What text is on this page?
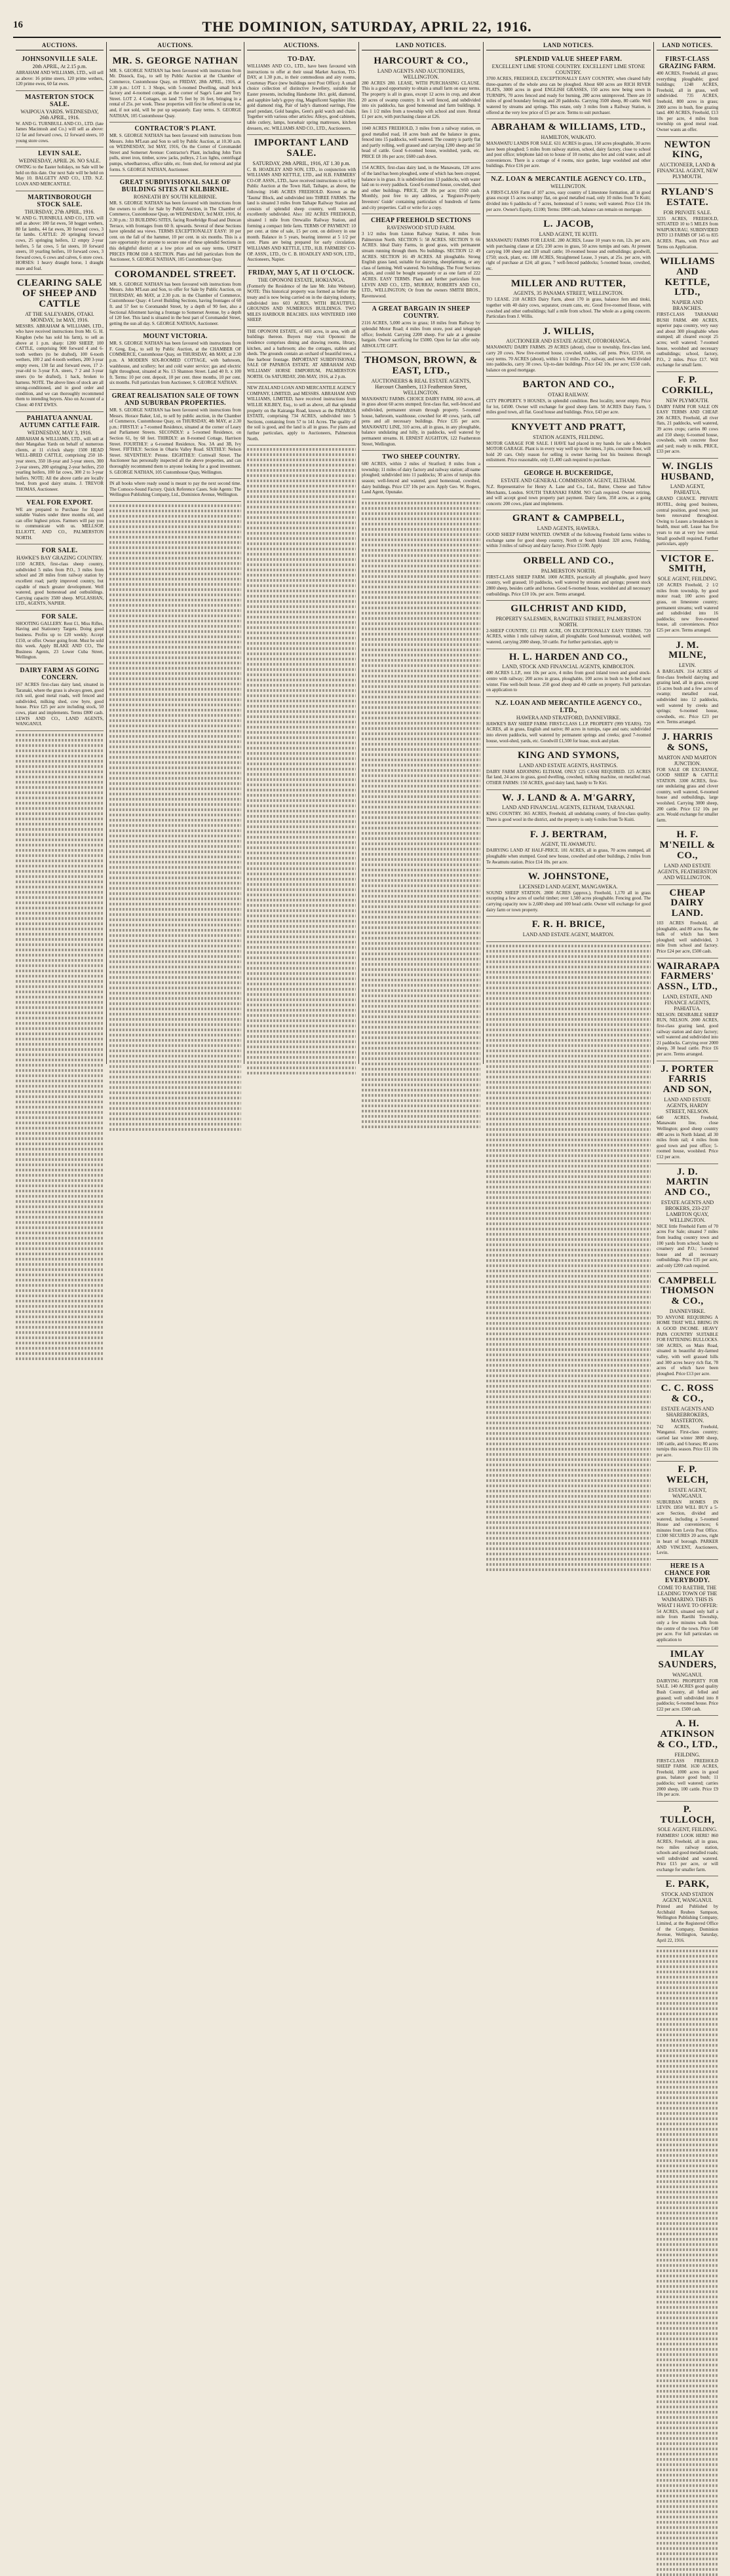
16	THE DOMINION, SATURDAY, APRIL 22, 1916.
AUCTIONS.
JOHNSONVILLE SALE.
20th APRIL, At 2.15 p.m.

ABRAHAM AND WILLIAMS, LTD., will sell as above: 16 prime steers, 120 prime wethers, 120 prime ewes, 60 fat ewes.

MASTERTON STOCK SALE.
WAIPOUA YARDS. WEDNESDAY, 26th APRIL, 1916.

W. AND G. TURNBULL AND CO., LTD. (late James Macintosh and Co.) will sell as above: 12 fat and forward cows, 12 forward steers, 10 young store cows.

LEVIN SALE.
WEDNESDAY, APRIL 26. NO SALE.

OWING to the Easter holidays, no Sale will be held on this date. Our next Sale will be held on May 10. BALGETY AND CO., LTD. N.Z. LOAN AND MERCANTILE.

MARTINBOROUGH STOCK SALE.
THURSDAY, 27th APRIL, 1916.

W. AND G. TURNBULL AND CO., LTD. will sell as above: 100 fat ewes, 50 hogget wethers, 80 fat lambs, 44 fat ewes, 30 forward cows, 3 fat lambs. CATTLE: 20 springing forward cows, 25 springing heifers, 12 empty 2-year heifers, 5 fat cows, 5 fat steers, 10 forward steers, 10 yearling heifers, 10 forward cows, 3 forward cows, 6 cows and calves, 6 store cows. HORSES: 1 heavy draught horse, 1 draught mare and foal.

CLEARING SALE OF SHEEP AND CATTLE
AT THE SALEYARDS, OTAKI. MONDAY, 1st MAY, 1916.

MESSRS. ABRAHAM & WILLIAMS, LTD., who have received instructions from Mr. G. H. Kingdon (who has sold his farm), to sell as above at 1 p.m. sharp: 1200 SHEEP, 100 CATTLE, comprising 900 forward 4 and 6-tooth wethers (to be drafted), 100 6-tooth wethers, 100 2 and 4-tooth wethers, 200 3-year empty ewes, 130 fat and forward ewes, 17 2-year-old to 3-year F.A. steers, 7 2 and 3-year steers (to be drafted), 1 hack, broken to harness. NOTE. The above lines of stock are all strong-conditioned, and in good order and condition, and we can thoroughly recommend them to intending buyers. Also on Account of a Client: 40 FAT EWES.

PAHIATUA ANNUAL AUTUMN CATTLE FAIR.
WEDNESDAY, MAY 3, 1916.

ABRAHAM & WILLIAMS, LTD., will sell at their Mangahao Yards on behalf of numerous clients, at 11 o'clock sharp: 1500 HEAD WELL-BRED CATTLE, comprising 250 18-year steers, 350 18-year and 3-year steers, 300 2-year steers, 200 springing 2-year heifers, 250 yearling heifers, 100 fat cows, 300 2 to 3-year heifers. NOTE: All the above cattle are locally bred, from good dairy strains. J. TREVOR THOMAS, Auctioneer.

VEAL FOR EXPORT.

WE are prepared to Purchase for Export suitable Vealers under three months old, and can offer highest prices. Farmers will pay you to communicate with us. MELLSOP, ELLIOTT, AND CO., PALMERSTON NORTH.

FOR SALE.
HAWKE'S BAY GRAZING COUNTRY.

1150 ACRES, first-class sheep country, subdivided 5 miles from P.O., 3 miles from school and 28 miles from railway station by excellent road; partly improved country, but capable of much greater development. Well watered, good homestead and outbuildings. Carrying capacity 3500 sheep. M'GLASHAN, LTD., AGENTS, NAPIER.

FOR SALE.

SHOOTING GALLERY. Rent £1, Miss Rifles, Having and Stationery Targets. Doing good business. Profits up to £20 weekly. Accept £150, or offer. Owner going front. Must be sold this week. Apply BLAKE AND CO., The Business Agents, 23 Lower Cuba Street, Wellington.

DAIRY FARM AS GOING CONCERN.

167 ACRES first-class dairy land, situated in Taranaki, where the grass is always green, good rich soil, good metal roads, well fenced and subdivided, milking shed, cow byre, good house. Price £25 per acre including stock, 50 cows, plant and implements. Terms £800 cash. LEWIS AND CO., LAND AGENTS, WANGANUI.

AUCTIONS.
MR. S. GEORGE NATHAN

MR. S. GEORGE NATHAN has been favoured with instructions from Mr. Dissock, Esq., to sell by Public Auction at the Chamber of Commerce, Customhouse Quay, on FRIDAY, 28th APRIL, 1916, at 2.30 p.m.: LOT 1. 3 Shops, with 5-roomed Dwelling, small brick factory and 4-roomed cottage, at the corner of Sage's Lane and Tory Street. LOT 2. 4 Cottages, on land 75 feet by 16 feet, bringing in a rental of 25s. per week. These properties will first be offered in one lot, and, if not sold, will be put up separately. Easy terms. S. GEORGE NATHAN, 105 Customhouse Quay.

CONTRACTOR'S PLANT.

MR. S. GEORGE NATHAN has been favoured with instructions from Messrs. John M'Lean and Son to sell by Public Auction, at 10.30 a.m. on WEDNESDAY, 3rd MAY, 1916, On the Corner of Coromandel Street and Somerset Avenue: Contractor's Plant, including John Turn pulls, street iron, timber, screw jacks, pulleys, 2 Lux lights, centrifugal pumps, wheelbarrows, office table, etc. from shed, for removal and plat forms. S. GEORGE NATHAN, Auctioneer.

GREAT SUBDIVISIONAL SALE OF BUILDING SITES AT KILBIRNIE.
ROSNEATH BY SOUTH KILBIRNIE.

MR. S. GEORGE NATHAN has been favoured with instructions from the owners to offer for Sale by Public Auction, in The Chamber of Commerce, Customhouse Quay, on WEDNESDAY, 3rd MAY, 1916, At 2.30 p.m.: 33 BUILDING SITES, facing Rosebridge Road and Duncan Terrace, with frontages from 60 ft. upwards. Several of these Sections have splendid sea views. TERMS EXCEPTIONALLY EASY: 10 per cent. on the fall of the hammer, 10 per cent. in six months. This is a rare opportunity for anyone to secure one of these splendid Sections in this delightful district at a low price and on easy terms. UPSET PRICES FROM £60 A SECTION. Plans and full particulars from the Auctioneer, S. GEORGE NATHAN, 105 Customhouse Quay.

COROMANDEL STREET.

MR. S. GEORGE NATHAN has been favoured with instructions from Messrs. John M'Lean and Son, to offer for Sale by Public Auction, on THURSDAY, 4th MAY, at 2.30 p.m. in the Chamber of Commerce, Customhouse Quay: 4 Level Building Sections, having frontages of 60 ft. and 57 feet to Coromandel Street, by a depth of 90 feet, also a Sectional Allotment having a frontage to Somerset Avenue, by a depth of 120 feet. This land is situated in the best part of Coromandel Street, getting the sun all day. S. GEORGE NATHAN, Auctioneer.

MOUNT VICTORIA.

MR. S. GEORGE NATHAN has been favoured with instructions from F. Greg, Esq., to sell by Public Auction, at the CHAMBER OF COMMERCE, Customhouse Quay, on THURSDAY, 4th MAY, at 2.30 p.m. A MODERN SIX-ROOMED COTTAGE, with bathroom, washhouse, and scullery; hot and cold water service; gas and electric light throughout, situated at No. 13 Shannon Street. Land 40 ft. x 100 ft. Terms: 10 per cent. deposit, 10 per cent. three months, 10 per cent. six months. Full particulars from Auctioneer, S. GEORGE NATHAN.

GREAT REALISATION SALE OF TOWN AND SUBURBAN PROPERTIES.

MR. S. GEORGE NATHAN has been favoured with instructions from Messrs. Horace Baker, Ltd., to sell by public auction, in the Chamber of Commerce, Customhouse Quay, on THURSDAY, 4th MAY, at 2.30 p.m.: FIRSTLY: a 7-roomed Residence, situated at the corner of Leary and Parliament Streets. SECONDLY: a 5-roomed Residence, on Section 61, by 60 feet. THIRDLY: an 8-roomed Cottage, Harrison Street. FOURTHLY: a 6-roomed Residence, Nos. 3A and 3B, Ivy Street. FIFTHLY: Section in Ohariu Valley Road. SIXTHLY: Nelson Street. SEVENTHLY: Petone. EIGHTHLY: Cornwall Street. The Auctioneer has personally inspected all the above properties, and can thoroughly recommend them to anyone looking for a good investment. S. GEORGE NATHAN, 105 Customhouse Quay, Wellington.

IN all books where ready sound is meant to pay the next second time. The Comoco-Sound Factory. Quick Reference Cases. Sole Agents: The Wellington Publishing Company, Ltd., Dominion Avenue, Wellington.

AUCTIONS.
TO-DAY.

WILLIAMS AND CO., LTD., have been favoured with instructions to offer at their usual Market Auction, TO-DAY, at 1.30 p.m., in their commodious and airy rooms, Courtenay Place (new buildings next Post Office): A small choice collection of distinctive Jewellery, suitable for Easter presents, including Handsome 18ct. gold, diamond, and sapphire lady's gypsy ring, Magnificent Sapphire 18ct. gold diamond ring, Pair of lady's diamond earrings, Fine pearl pendant, Gold bangles, Gent's gold watch and chain. Together with various other articles: Alloys, good cabinets, table cutlery, lamps, horsehair spring mattresses, kitchen dressers, etc. WILLIAMS AND CO., LTD., Auctioneers.

IMPORTANT LAND SALE.
SATURDAY, 29th APRIL, 1916, AT 1.30 p.m.

C. B. HOADLEY AND SON, LTD., in conjunction with WILLIAMS AND KETTLE, LTD., and H.B. FARMERS' CO-OP. ASSN., LTD., have received instructions to sell by Public Auction at the Town Hall, Taihape, as above, the following: 1646 ACRES FREEHOLD. Known as the 'Tauma' Block, and subdivided into THREE FARMS. The land is situated 3 miles from Taihape Railway Station and consists of splendid sheep country, well watered, excellently subdivided. Also: 182 ACRES FREEHOLD, situated 1 mile from Orewailio Railway Station, and forming a compact little farm. TERMS OF PAYMENT: 10 per cent. at time of sale, 15 per cent. on delivery in one month. Balance in 5 years, bearing interest at 5 1/2 per cent. Plans are being prepared for early circulation. WILLIAMS AND KETTLE, LTD., H.B. FARMERS' CO-OP. ASSN., LTD., Or C. B. HOADLEY AND SON, LTD., Auctioneers, Napier.

FRIDAY, MAY 5, AT 11 O'CLOCK.
THE OPONONI ESTATE, HOKIANGA.

(Formerly the Residence of the late Mr. John Webster). NOTE: This historical property was formed as before the treaty and is now being carried on in the dairying industry, subdivided into 603 ACRES, WITH BEAUTIFUL GROUNDS AND NUMEROUS BUILDINGS. TWO MILES HARBOUR BEACHES. HAS WINTERED 1000 SHEEP.

THE OPONONI ESTATE, of 603 acres, in area, with all buildings thereon. Buyers may visit Opononi: the residence comprises dining and drawing rooms, library, kitchen, and a bathroom; also the cottages, stables and sheds. The grounds contain an orchard of beautiful trees, a fine harbour frontage. IMPORTANT SUBDIVISIONAL SALE OF PAPAROA ESTATE. AT ABRAHAM AND WILLIAMS' HORSE EMPORIUM, PALMERSTON NORTH. On SATURDAY, 20th MAY, 1916, at 2 p.m.

NEW ZEALAND LOAN AND MERCANTILE AGENCY COMPANY, LIMITED, and MESSRS. ABRAHAM AND WILLIAMS, LIMITED, have received instructions from WILLIE KILBEY, Esq., to sell as above, all that splendid property on the Kairanga Road, known as the PAPAROA ESTATE, comprising 734 ACRES, subdivided into 5 Sections, containing from 57 to 141 Acres. The quality of the soil is good, and the land is all in grass. For plans and further particulars, apply to Auctioneers, Palmerston North.

LAND NOTICES.
HARCOURT & CO.,
LAND AGENTS AND AUCTIONEERS, WELLINGTON.

280 ACRES 280. LEASE, WITH PURCHASING CLAUSE. This is a good opportunity to obtain a small farm on easy terms. The property is all in grass, except 12 acres in crop, and about 20 acres of swamp country. It is well fenced, and subdivided into six paddocks, has good homestead and farm buildings. It lies 1 1/2 miles from a township with school and store. Rental £1 per acre, with purchasing clause at £26.

1040 ACRES FREEHOLD, 3 miles from a railway station, on good metalled road, 18 acres bush and the balance in grass, fenced into 15 paddocks, well watered. The country is partly flat and partly rolling, well grassed and carrying 1200 sheep and 50 head of cattle. Good 6-roomed house, woolshed, yards, etc. PRICE £8 10s per acre; £600 cash down.

154 ACRES, first-class dairy land, in the Manawatu, 120 acres of the land has been ploughed, some of which has been cropped, balance is in grass. It is subdivided into 13 paddocks, with water laid on to every paddock. Good 6-roomed house, cowshed, shed and other buildings. PRICE, £28 10s per acre; £950 cash. Monthly, post free to any address, a 'Register-Property Investors' Guide' containing particulars of hundreds of farms and city properties. Call or write for a copy.

CHEAP FREEHOLD SECTIONS
RAVENSWOOD STUD FARM.

3 1/2 miles from Linton Railway Station, 8 miles from Palmerston North. SECTION 5: 58 ACRES. SECTION 9: 66 ACRES. Ideal Dairy Farms, in good grass, with permanent stream running through them. No buildings. SECTION 12: 49 ACRES. SECTION 16: 49 ACRES. All ploughable. Strong English grass land, suitable for dairying, sheepfarming, or any class of farming. Well watered. No buildings. The Four Sections adjoin, and could be bought separately or as one farm of 222 ACRES. EASY TERMS. Plans and further particulars from LEVIN AND CO., LTD., MURRAY, ROBERTS AND CO., LTD., WELLINGTON; Or from the owners SMITH BROS., Ravenswood.

A GREAT BARGAIN IN SHEEP COUNTRY.

2116 ACRES, 5,000 acres in grass; 18 miles from Railway by splendid Motor Road; 4 miles from store, post and telegraph office; freehold. Carrying 2200 sheep. For sale at a genuine bargain. Owner sacrificing for £5000. Open for fair offer only. ABSOLUTE GIFT.

THOMSON, BROWN, & EAST, LTD.,
AUCTIONEERS & REAL ESTATE AGENTS, Harcourt Chambers, 113 Featherston Street, WELLINGTON.

MANAWATU FARMS. CHOICE DAIRY FARM, 160 acres, all in grass about 60 acres stumped; first-class flat, well-fenced and subdivided, permanent stream through property. 5-roomed house, bathroom, washhouse, cowshed for 40 cows, yards, calf pens and all necessary buildings. Price £35 per acre. MANAWATU LINE, 310 acres, all in grass, in any ploughable, balance undulating and hilly, in paddocks, well watered by permanent streams. H. ERNEST AUGHTON, 122 Featherston Street, Wellington.

TWO SHEEP COUNTRY.

680 ACRES, within 2 miles of Stratford; 8 miles from a township; 11 miles of dairy factory and railway station; all name ploughed; subdivided into 11 paddocks; 30 acres of turnips this season; well-fenced and watered, good homestead, cowshed, dairy buildings. Price £37 10s per acre. Apply Geo. W. Rogers, Land Agent, Opunake.

LAND NOTICES.
SPLENDID VALUE SHEEP FARM.
EXCELLENT LIME STONE COUNTRY. EXCELLENT LIME STONE COUNTRY.

3700 ACRES, FREEHOLD, EXCEPTIONALLY EASY COUNTRY, when cleared fully three-quarters of the whole area can be ploughed. About 600 acres are RICH RIVER FLATS, 3000 acres in good ENGLISH GRASSES, 150 acres now being sown in TURNIPS, 70 acres fenced and ready for burning, 280 acres unimproved. There are 10 miles of good boundary fencing and 20 paddocks. Carrying 3500 sheep, 80 cattle. Well watered by streams and springs. This estate, only 3 miles from a Railway Station, is offered at the very low price of £5 per acre. Terms to suit purchaser.

ABRAHAM & WILLIAMS, LTD.,
HAMILTON, WAIKATO.

MANAWATU LANDS FOR SALE. 631 ACRES in grass, 150 acres ploughable, 30 acres have been ploughed; 5 miles from railway station, school, dairy factory, close to school and post office; telephone laid on to house of 10 rooms; also hot and cold water, and all conveniences. There is a cottage of 4 rooms, nice garden, large woolshed and other buildings. Price £16 per acre.

N.Z. LOAN & MERCANTILE AGENCY CO. LTD.,
WELLINGTON.

A FIRST-CLASS Farm of 107 acres, easy country of Limestone formation, all in good grass except 15 acres swampy flat, on good metalled road, only 10 miles from Te Kuiti; divided into 6 paddocks of 7 acres, homestead of 5 rooms; well watered. Price £14 10s per acre. Owner's Equity, £1100; Terms: £800 cash, balance can remain on mortgage.

L. JACOB,
LAND AGENT, TE KUITI.

MANAWATU FARMS FOR LEASE. 280 ACRES, Lease 10 years to run, 12s. per acre, with purchasing clause at £25; 230 acres in grass, 50 acres turnips and oats. At present carrying 100 sheep and 120 small cattle; 10-roomed house and outbuildings; goodwill, £750; stock, plant, etc. 188 ACRES, Straightened Lease, 3 years, at 25s. per acre, with right of purchase at £24; all grass, 7 well-fenced paddocks; 5-roomed house, cowshed, etc.

MILLER AND RUTTER,
AGENTS, 35 PANAMA STREET, WELLINGTON.

TO LEASE. 218 ACRES Dairy Farm, about 170 in grass, balance fern and titoki, together with 40 dairy cows, separator, cream cans, etc. Good five-roomed House, with cowshed and other outbuildings; half a mile from school. The whole as a going concern. Particulars from J. Willis.

J. WILLIS,
AUCTIONEER AND ESTATE AGENT, OTOROHANGA.

MANAWATU DAIRY FARMS. 29 ACRES (about), close to township, first-class land, carry 20 cows. New five-roomed house, cowshed, stables, calf pens. Price, £2150, on easy terms. 70 ACRES (about), within 1 1/2 miles P.O., railway, and town. Well divided into paddocks, carry 30 cows. Up-to-date buildings. Price £42 10s. per acre; £550 cash, balance on good mortgage.

BARTON AND CO.,
OTAKI RAILWAY.

CITY PROPERTY. 9 HOUSES, in splendid condition. Best locality, never empty. Price for lot, £4500. Owner will exchange for good sheep farm. 50 ACRES Dairy Farm, 5 miles good town, all flat. Good house and buildings. Price, £43 per acre.

KNYVETT AND PRATT,
STATION AGENTS, FEILDING.

MOTOR GARAGE FOR SALE. I HAVE had placed in my hands for sale a Modern MOTOR GARAGE. Plant is in every way well up to the times, 3 pits, concrete floor, will hold 20 cars. Only reason for selling is owner having lost his business through enlistment. Price reasonable, only £1,400 cash required to purchase.

GEORGE H. BUCKERIDGE,
ESTATE AND GENERAL COMMISSION AGENT, ELTHAM.

N.Z. Representative for Henry A. Lane and Co., Ltd., Butter, Cheese and Tallow Merchants, London. SOUTH TARANAKI FARM. NO Cash required. Owner retiring, and will accept good town property part payment. Dairy farm, 350 acres, as a going concern: 200 cows, plant and implements.

GRANT & CAMPBELL,
LAND AGENTS, HAWERA.

GOOD SHEEP FARM WANTED. OWNER of the following Freehold farms wishes to exchange same for good sheep country, North or South Island: 320 acres, Feilding, within 3 miles of railway and dairy factory. Price £5100. Apply

ORBELL AND CO.,
PALMERSTON NORTH.

FIRST-CLASS SHEEP FARM. 1000 ACRES, practically all ploughable, good heavy country, well grassed; 10 paddocks, well watered by streams and springs; present stock 2800 sheep, besides cattle and horses. Good 6-roomed house, woolshed and all necessary outbuildings. Price £10 10s. per acre. Terms arranged.

GILCHRIST AND KIDD,
PROPERTY SALESMEN, RANGITIKEI STREET, PALMERSTON NORTH.

2-SHEEP COUNTRY, £11 PER ACRE, ON EXCEPTIONALLY EASY TERMS. 720 ACRES, within 1 mile railway station, all ploughable. Good homestead, woolshed, well watered, carrying 2000 sheep, 50 cattle. For further particulars, apply to

H. L. HARDEN AND CO.,
LAND, STOCK AND FINANCIAL AGENTS, KIMBOLTON.

400 ACRES L.I.P., rent 10s per acre, 4 miles from good inland town and good stock-centre with railway; 200 acres in grass, ploughable, 100 acres in bush to be felled next winter. Fine well-built house. 250 good sheep and 40 cattle on property. Full particulars on application to

N.Z. LOAN AND MERCANTILE AGENCY CO., LTD.,
HAWERA AND STRATFORD, DANNEVIRKE.

HAWKE'S BAY SHEEP FARM: FIRST-CLASS L.I.P. PROPERTY (999 YEARS). 720 ACRES, all in grass, English and native; 80 acres in turnips, rape and oats; subdivided into eleven paddocks, well watered by permanent springs and creeks; good 7-roomed house, wool-shed, yards, etc. Goodwill £1,500 for lease, stock and plant.

KING AND SYMONS,
LAND AND ESTATE AGENTS, HASTINGS.

DAIRY FARM ADJOINING ELTHAM, ONLY £25 CASH REQUIRED. 125 ACRES flat land, 24 acres in grass, good dwelling, cowshed, milking machine, on metalled road. OTHER FARMS: 150 ACRES, good dairy land, handy to Te Kiri.

W. J. LAND & A. M'GARRY,
LAND AND FINANCIAL AGENTS, ELTHAM, TARANAKI.

KING COUNTRY. 365 ACRES, Freehold, all undulating country, of first-class quality. There is good wool in the district, and the property is only 6 miles from Te Kuiti.

F. J. BERTRAM,
AGENT, TE AWAMUTU.

DAIRYING LAND AT HALF-PRICE. 181 ACRES, all in grass, 70 acres stumped, all ploughable when stumped. Good new house, cowshed and other buildings, 2 miles from Te Awamutu station. Price £14 10s. per acre.

W. JOHNSTONE,
LICENSED LAND AGENT, MANGAWEKA.

SOUND SHEEP STATION. 2800 ACRES (approx.), Freehold, 1,170 all in grass excepting a few acres of useful timber; over 1,500 acres ploughable. Fencing good. The carrying capacity now is 2,600 sheep and 100 head cattle. Owner will exchange for good dairy farm or town property.

F. R. H. BRICE,
LAND AND ESTATE AGENT, MARTON.
LAND NOTICES.
FIRST-CLASS GRAZING FARM.

400 ACRES, Freehold, all grass; everything ploughable; good buildings; 1248 ACRES, Freehold, all in grass, well subdivided. 735 ACRES, freehold, 800 acres in grass; 2000 acres in bush, fine grazing land. 400 ACRES, Freehold, £13 10s per acre, 4 miles from township on good metal road. Owner wants an offer.

NEWTON KING,
AUCTIONEER, LAND & FINANCIAL AGENT, NEW PLYMOUTH.
RYLAND'S ESTATE.
FOR PRIVATE SALE.

3235 ACRES, FREEHOLD, SITUATED 10 to 5 MILES from WAIPUKURAU, SUBDIVIDED INTO 13 FARMS OF 145 to 835 ACRES. Plans, with Price and Terms on Application.

WILLIAMS AND KETTLE, LTD.,
NAPIER AND BRANCHES.

FIRST-CLASS TARANAKI BUSH FARM. 400 ACRES, superior papa country, very easy and about 300 ploughable when stumped; all cleared except 25 acres; well watered; 7-roomed house, woolshed and necessary outbuildings; school, factory, P.O., 2 miles. Price £17. Will exchange for small farm.

F. P. CORKILL,
NEW PLYMOUTH.

DAIRY FARM FOR SALE ON EASY TERMS AND CHEAP. 206 ACRES, Freehold, all river flats, 21 paddocks, well watered, 39 acres crops; carries 80 cows and 150 sheep; 6-roomed house, cowsheds, with concrete floor and yard; ready to milk. PRICE, £33 per acre.

W. INGLIS HUSBAND,
LAND AGENT, PAHIATUA.

GRAND CHANCE. PRIVATE HOTEL, doing good business, central position, good town; just been renovated throughout. Owing to Leases a breakdown in health, must sell. Lease has five years to run at very low rental. Small goodwill required. Further particulars, apply

VICTOR E. SMITH,
SOLE AGENT, FEILDING.

120 ACRES Freehold, 2 1/2 miles from township, by good motor road; 100 acres good grass, on limestone country; permanent streams; well watered and subdivided into 16 paddocks; new five-roomed house, all conveniences. Price £25 per acre. Terms arranged.

J. M. MILNE,
LEVIN.

A BARGAIN. 314 ACRES of first-class freehold dairying and grazing land, all in grass, except 15 acres bush and a few acres of swamp; metalled road, subdivided into 12 paddocks, well watered by creeks and springs; 6-roomed house, cowsheds, etc. Price £23 per acre. Terms arranged.

J. HARRIS & SONS,
MARTON AND MARTON JUNCTION.

FOR SALE OR EXCHANGE, GOOD SHEEP & CATTLE STATION. 3300 ACRES, first-rate undulating grass and clover country, well watered, 6-roomed house and outbuildings, large woolshed. Carrying 3000 sheep, 200 cattle. Price £12 10s per acre. Would exchange for smaller farm.

H. F. M'NEILL & CO.,
LAND AND ESTATE AGENTS, FEATHERSTON AND WELLINGTON.
CHEAP DAIRY LAND.

103 ACRES Freehold, all ploughable, and 80 acres flat, the bulk of which has been ploughed; well subdivided, 3 mile from school and factory. Price £24 per acre, £500 cash.

WAIRARAPA FARMERS' ASSN., LTD.,
LAND, ESTATE, AND FINANCE AGENTS, PAHIATUA.

NELSON: DESIRABLE SHEEP RUN, NELSON. 2000 ACRES, first-class grazing land, good railway station and dairy factory; well watered and subdivided into 21 paddocks. Carrying over 2000 sheep, 30 head cattle. Price £6 per acre. Terms arranged.

J. PORTER FARRIS AND SON,
LAND AND ESTATE AGENTS, HARDY STREET, NELSON.

640 ACRES, Freehold, Manawatu line, close Wellington; good sheep country 480 acres in North Island; all 30 miles from rail; 4 miles from good town and post office; 5-roomed house, woolshed. Price £12 per acre.

J. D. MARTIN AND CO.,
ESTATE AGENTS AND BROKERS, 233-237 LAMBTON QUAY, WELLINGTON.

NICE little Freehold Farm of 70 acres For Sale; situated 7 miles from leading country town and 100 yards from school; handy to creamery and P.O.; 5-roomed house and all necessary outbuildings. Price £35 per acre, and only £200 cash required.

CAMPBELL THOMSON & CO.,
DANNEVIRKE.

TO ANYONE REQUIRING A HOME THAT WILL BRING IN A GOOD INCOME. HEAVY PAPA COUNTRY SUITABLE FOR FATTENING BULLOCKS. 500 ACRES, on Main Road, situated in beautiful dry-farmed valley, with well grassed hills and 300 acres heavy rich flat, 78 acres of which have been ploughed. Price £13 per acre.

C. C. ROSS & CO.,
ESTATE AGENTS AND SHAREBROKERS, MASTERTON.

742 ACRES, Freehold, Wanganui. First-class country; carried last winter 3800 sheep, 100 cattle, and 6 horses; 80 acres turnips this season. Price £11 10s per acre.

F. P. WELCH,
ESTATE AGENT, WANGANUI.

SUBURBAN HOMES IN LEVIN. £850 WILL BUY a 5-acre Section, divided and watered, including a 5-roomed House and conveniences; 6 minutes from Levin Post Office. £1300 SECURES 20 acres, right in heart of borough. PARKER AND VINCENT, Auctioneers, Levin.

HERE IS A CHANCE FOR EVERYBODY.
COME TO RAETIHI, THE LEADING TOWN OF THE WAIMARINO. THIS IS WHAT I HAVE TO OFFER:

54 ACRES, situated only half a mile from Raetihi Township, only a few minutes walk from the centre of the town. Price £40 per acre. For full particulars on application to

IMLAY SAUNDERS,
WANGANUI.

DAIRYING PROPERTY FOR SALE. 140 ACRES good quality Bush Country, all felled and grassed; well subdivided into 8 paddocks; 6-roomed house. Price £22 per acre. £500 cash.

A. H. ATKINSON & CO., LTD.,
FEILDING.

FIRST-CLASS FREEHOLD SHEEP FARM. 1630 ACRES, Freehold, 1000 acres in good grass, balance good bush; 11 paddocks; well watered; carries 2000 sheep, 100 cattle. Price £9 10s per acre.

P. TULLOCH,
SOLE AGENT, FEILDING.

FARMERS! LOOK HERE! 860 ACRES, Freehold, all in grass, two miles railway station, schools and good metalled roads; well subdivided and watered. Price £15 per acre, or will exchange for smaller farm.

E. PARK,
STOCK AND STATION AGENT, WANGANUI.

Printed and Published by Archibald Reuben Sampson, Wellington Publishing Company, Limited, at the Registered Office of the Company, Dominion Avenue, Wellington, Saturday, April 22, 1916.
